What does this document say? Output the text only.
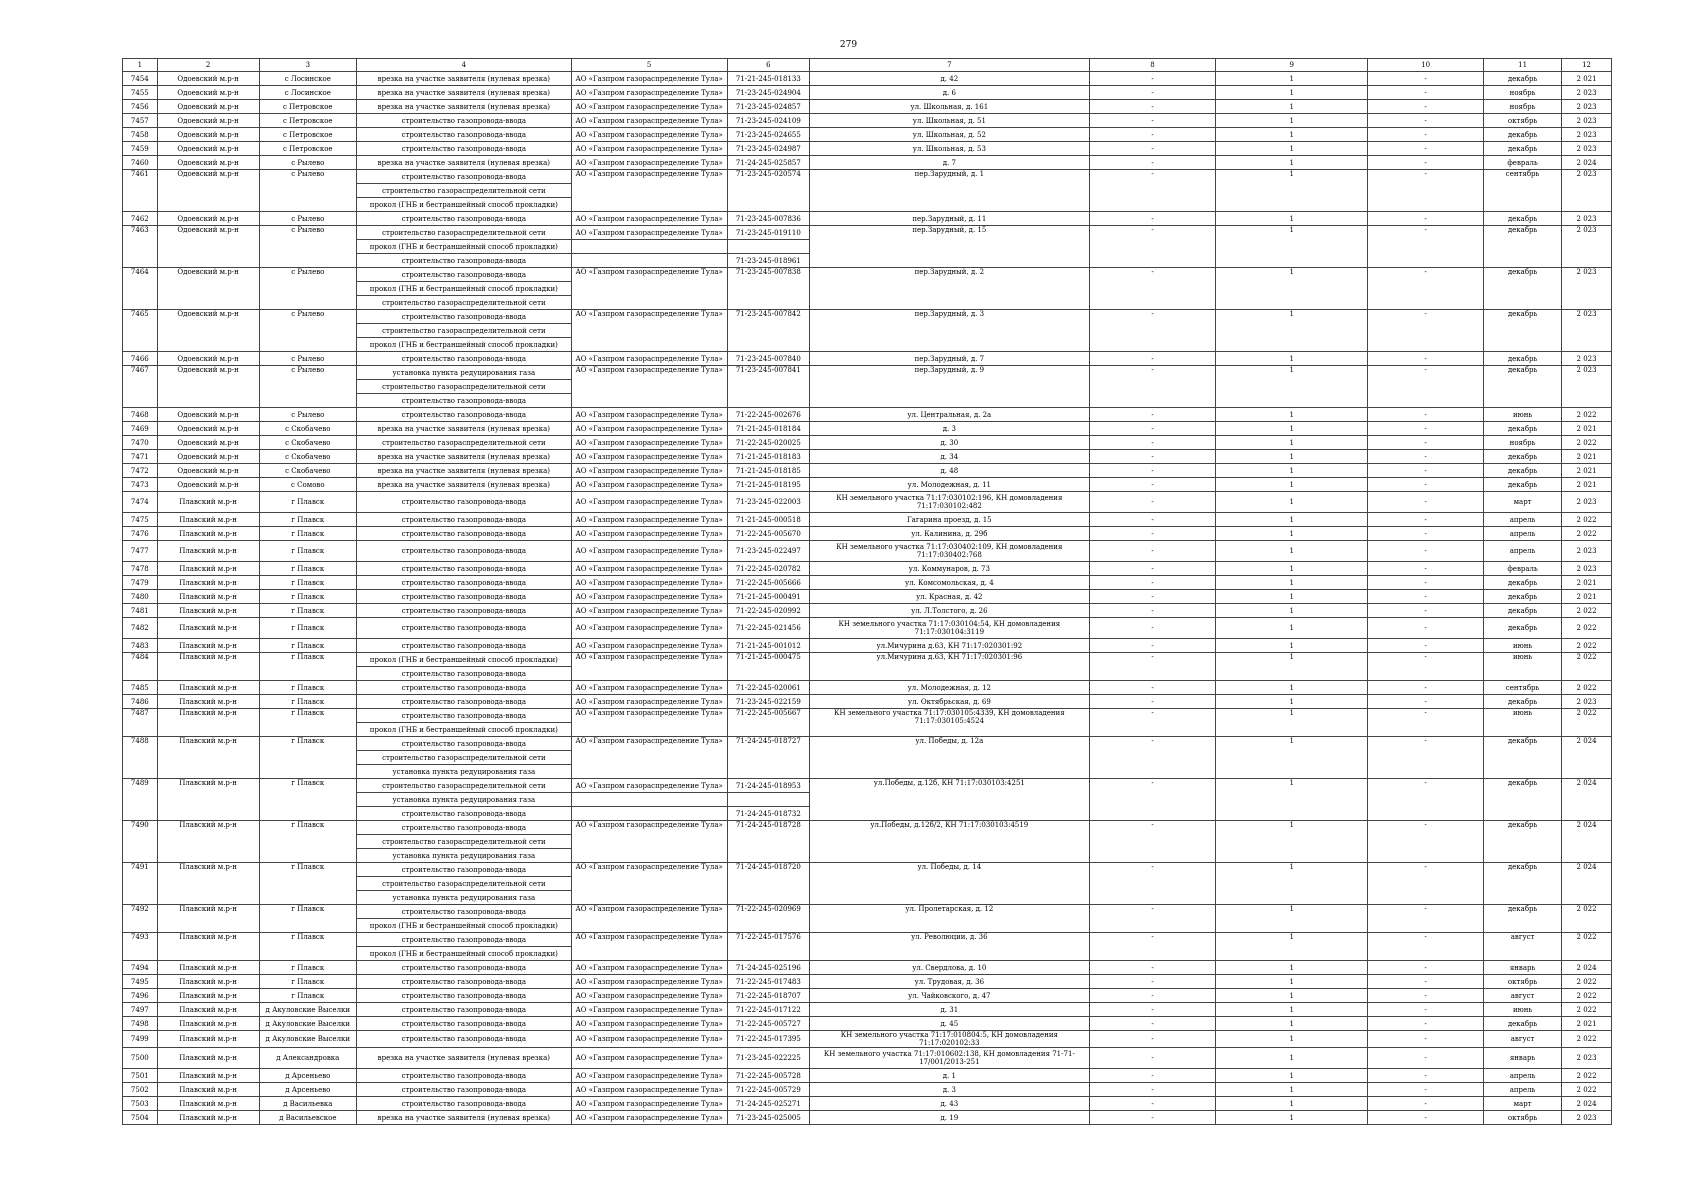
279
1	2	3	4	5	6	7	8	9	10	11	12
7454	Одоевский м.р-н	с Лосинское	врезка на участке заявителя (нулевая врезка)	АО «Газпром газораспределение Тула»	71-21-245-018133	д. 42	-	1	-	декабрь	2 021
7455	Одоевский м.р-н	с Лосинское	врезка на участке заявителя (нулевая врезка)	АО «Газпром газораспределение Тула»	71-23-245-024904	д. 6	-	1	-	ноябрь	2 023
7456	Одоевский м.р-н	с Петровское	врезка на участке заявителя (нулевая врезка)	АО «Газпром газораспределение Тула»	71-23-245-024857	ул. Школьная, д. 161	-	1	-	ноябрь	2 023
7457	Одоевский м.р-н	с Петровское	строительство газопровода-ввода	АО «Газпром газораспределение Тула»	71-23-245-024109	ул. Школьная, д. 51	-	1	-	октябрь	2 023
7458	Одоевский м.р-н	с Петровское	строительство газопровода-ввода	АО «Газпром газораспределение Тула»	71-23-245-024655	ул. Школьная, д. 52	-	1	-	декабрь	2 023
7459	Одоевский м.р-н	с Петровское	строительство газопровода-ввода	АО «Газпром газораспределение Тула»	71-23-245-024987	ул. Школьная, д. 53	-	1	-	декабрь	2 023
7460	Одоевский м.р-н	с Рылево	врезка на участке заявителя (нулевая врезка)	АО «Газпром газораспределение Тула»	71-24-245-025857	д. 7	-	1	-	февраль	2 024
7461	Одоевский м.р-н	с Рылево	строительство газопровода-ввода	АО «Газпром газораспределение Тула»	71-23-245-020574	пер.Зарудный, д. 1	-	1	-	сентябрь	2 023
			строительство газораспределительной сети								
			прокол (ГНБ и бестраншейный способ прокладки)								
7462	Одоевский м.р-н	с Рылево	строительство газопровода-ввода	АО «Газпром газораспределение Тула»	71-23-245-007836	пер.Зарудный, д. 11	-	1	-	декабрь	2 023
7463	Одоевский м.р-н	с Рылево	строительство газораспределительной сети	АО «Газпром газораспределение Тула»	71-23-245-019110	пер.Зарудный, д. 15	-	1	-	декабрь	2 023
			прокол (ГНБ и бестраншейный способ прокладки)								
			строительство газопровода-ввода		71-23-245-018961						
7464	Одоевский м.р-н	с Рылево	строительство газопровода-ввода	АО «Газпром газораспределение Тула»	71-23-245-007838	пер.Зарудный, д. 2	-	1	-	декабрь	2 023
			прокол (ГНБ и бестраншейный способ прокладки)								
			строительство газораспределительной сети								
7465	Одоевский м.р-н	с Рылево	строительство газопровода-ввода	АО «Газпром газораспределение Тула»	71-23-245-007842	пер.Зарудный, д. 3	-	1	-	декабрь	2 023
			строительство газораспределительной сети								
			прокол (ГНБ и бестраншейный способ прокладки)								
7466	Одоевский м.р-н	с Рылево	строительство газопровода-ввода	АО «Газпром газораспределение Тула»	71-23-245-007840	пер.Зарудный, д. 7	-	1	-	декабрь	2 023
7467	Одоевский м.р-н	с Рылево	установка пункта редуцирования газа	АО «Газпром газораспределение Тула»	71-23-245-007841	пер.Зарудный, д. 9	-	1	-	декабрь	2 023
			строительство газораспределительной сети								
			строительство газопровода-ввода								
7468	Одоевский м.р-н	с Рылево	строительство газопровода-ввода	АО «Газпром газораспределение Тула»	71-22-245-002676	ул. Центральная, д. 2а	-	1	-	июнь	2 022
7469	Одоевский м.р-н	с Скобачево	врезка на участке заявителя (нулевая врезка)	АО «Газпром газораспределение Тула»	71-21-245-018184	д. 3	-	1	-	декабрь	2 021
7470	Одоевский м.р-н	с Скобачево	строительство газораспределительной сети	АО «Газпром газораспределение Тула»	71-22-245-020025	д. 30	-	1	-	ноябрь	2 022
7471	Одоевский м.р-н	с Скобачево	врезка на участке заявителя (нулевая врезка)	АО «Газпром газораспределение Тула»	71-21-245-018183	д. 34	-	1	-	декабрь	2 021
7472	Одоевский м.р-н	с Скобачево	врезка на участке заявителя (нулевая врезка)	АО «Газпром газораспределение Тула»	71-21-245-018185	д. 48	-	1	-	декабрь	2 021
7473	Одоевский м.р-н	с Сомово	врезка на участке заявителя (нулевая врезка)	АО «Газпром газораспределение Тула»	71-21-245-018195	ул. Молодежная, д. 11	-	1	-	декабрь	2 021
7474	Плавский м.р-н	г Плавск	строительство газопровода-ввода	АО «Газпром газораспределение Тула»	71-23-245-022003	КН земельного участка 71:17:030102:196, КН домовладения 71:17:030102:482	-	1	-	март	2 023
7475	Плавский м.р-н	г Плавск	строительство газопровода-ввода	АО «Газпром газораспределение Тула»	71-21-245-000518	Гагарина проезд, д. 15	-	1	-	апрель	2 022
7476	Плавский м.р-н	г Плавск	строительство газопровода-ввода	АО «Газпром газораспределение Тула»	71-22-245-005670	ул. Калинина, д. 29б	-	1	-	апрель	2 022
7477	Плавский м.р-н	г Плавск	строительство газопровода-ввода	АО «Газпром газораспределение Тула»	71-23-245-022497	КН земельного участка 71:17:030402:109, КН домовладения 71:17:030402:768	-	1	-	апрель	2 023
7478	Плавский м.р-н	г Плавск	строительство газопровода-ввода	АО «Газпром газораспределение Тула»	71-22-245-020782	ул. Коммунаров, д. 73	-	1	-	февраль	2 023
7479	Плавский м.р-н	г Плавск	строительство газопровода-ввода	АО «Газпром газораспределение Тула»	71-22-245-005666	ул. Комсомольская, д. 4	-	1	-	декабрь	2 021
7480	Плавский м.р-н	г Плавск	строительство газопровода-ввода	АО «Газпром газораспределение Тула»	71-21-245-000491	ул. Красная, д. 42	-	1	-	декабрь	2 021
7481	Плавский м.р-н	г Плавск	строительство газопровода-ввода	АО «Газпром газораспределение Тула»	71-22-245-020992	ул. Л.Толстого, д. 26	-	1	-	декабрь	2 022
7482	Плавский м.р-н	г Плавск	строительство газопровода-ввода	АО «Газпром газораспределение Тула»	71-22-245-021456	КН земельного участка 71:17:030104:54, КН домовладения 71:17:030104:3119	-	1	-	декабрь	2 022
7483	Плавский м.р-н	г Плавск	строительство газопровода-ввода	АО «Газпром газораспределение Тула»	71-21-245-001012	ул.Мичурина д.63, КН 71:17:020301:92	-	1	-	июнь	2 022
7484	Плавский м.р-н	г Плавск	прокол (ГНБ и бестраншейный способ прокладки)	АО «Газпром газораспределение Тула»	71-21-245-000475	ул.Мичурина д.63, КН 71:17:020301:96	-	1	-	июнь	2 022
			строительство газопровода-ввода								
7485	Плавский м.р-н	г Плавск	строительство газопровода-ввода	АО «Газпром газораспределение Тула»	71-22-245-020061	ул. Молодежная, д. 12	-	1	-	сентябрь	2 022
7486	Плавский м.р-н	г Плавск	строительство газопровода-ввода	АО «Газпром газораспределение Тула»	71-23-245-022159	ул. Октябрьская, д. 69	-	1	-	декабрь	2 023
7487	Плавский м.р-н	г Плавск	строительство газопровода-ввода	АО «Газпром газораспределение Тула»	71-22-245-005667	КН земельного участка 71:17:030105:4339, КН домовладения 71:17:030105:4524	-	1	-	июнь	2 022
			прокол (ГНБ и бестраншейный способ прокладки)								
7488	Плавский м.р-н	г Плавск	строительство газопровода-ввода	АО «Газпром газораспределение Тула»	71-24-245-018727	ул. Победы, д. 12а	-	1	-	декабрь	2 024
			строительство газораспределительной сети								
			установка пункта редуцирования газа								
7489	Плавский м.р-н	г Плавск	строительство газораспределительной сети	АО «Газпром газораспределение Тула»	71-24-245-018953	ул.Победы, д.12б, КН 71:17:030103:4251	-	1	-	декабрь	2 024
			установка пункта редуцирования газа								
			строительство газопровода-ввода		71-24-245-018732						
7490	Плавский м.р-н	г Плавск	строительство газопровода-ввода	АО «Газпром газораспределение Тула»	71-24-245-018728	ул.Победы, д.12б/2, КН 71:17:030103:4519	-	1	-	декабрь	2 024
			строительство газораспределительной сети								
			установка пункта редуцирования газа								
7491	Плавский м.р-н	г Плавск	строительство газопровода-ввода	АО «Газпром газораспределение Тула»	71-24-245-018720	ул. Победы, д. 14	-	1	-	декабрь	2 024
			строительство газораспределительной сети								
			установка пункта редуцирования газа								
7492	Плавский м.р-н	г Плавск	строительство газопровода-ввода	АО «Газпром газораспределение Тула»	71-22-245-020969	ул. Пролетарская, д. 12	-	1	-	декабрь	2 022
			прокол (ГНБ и бестраншейный способ прокладки)								
7493	Плавский м.р-н	г Плавск	строительство газопровода-ввода	АО «Газпром газораспределение Тула»	71-22-245-017576	ул. Революции, д. 36	-	1	-	август	2 022
			прокол (ГНБ и бестраншейный способ прокладки)								
7494	Плавский м.р-н	г Плавск	строительство газопровода-ввода	АО «Газпром газораспределение Тула»	71-24-245-025196	ул. Свердлова, д. 10	-	1	-	январь	2 024
7495	Плавский м.р-н	г Плавск	строительство газопровода-ввода	АО «Газпром газораспределение Тула»	71-22-245-017483	ул. Трудовая, д. 36	-	1	-	октябрь	2 022
7496	Плавский м.р-н	г Плавск	строительство газопровода-ввода	АО «Газпром газораспределение Тула»	71-22-245-018707	ул. Чайковского, д. 47	-	1	-	август	2 022
7497	Плавский м.р-н	д Акуловские Выселки	строительство газопровода-ввода	АО «Газпром газораспределение Тула»	71-22-245-017122	д. 31	-	1	-	июнь	2 022
7498	Плавский м.р-н	д Акуловские Выселки	строительство газопровода-ввода	АО «Газпром газораспределение Тула»	71-22-245-005727	д. 45	-	1	-	декабрь	2 021
7499	Плавский м.р-н	д Акуловские Выселки	строительство газопровода-ввода	АО «Газпром газораспределение Тула»	71-22-245-017395	КН земельного участка 71:17:010804:5, КН домовладения 71:17:020102:33	-	1	-	август	2 022
7500	Плавский м.р-н	д Александровка	врезка на участке заявителя (нулевая врезка)	АО «Газпром газораспределение Тула»	71-23-245-022225	КН земельного участка 71:17:010602:138, КН домовладения 71-71-17/001/2013-251	-	1	-	январь	2 023
7501	Плавский м.р-н	д Арсеньево	строительство газопровода-ввода	АО «Газпром газораспределение Тула»	71-22-245-005728	д. 1	-	1	-	апрель	2 022
7502	Плавский м.р-н	д Арсеньево	строительство газопровода-ввода	АО «Газпром газораспределение Тула»	71-22-245-005729	д. 3	-	1	-	апрель	2 022
7503	Плавский м.р-н	д Васильевка	строительство газопровода-ввода	АО «Газпром газораспределение Тула»	71-24-245-025271	д. 43	-	1	-	март	2 024
7504	Плавский м.р-н	д Васильевское	врезка на участке заявителя (нулевая врезка)	АО «Газпром газораспределение Тула»	71-23-245-025005	д. 19	-	1	-	октябрь	2 023
